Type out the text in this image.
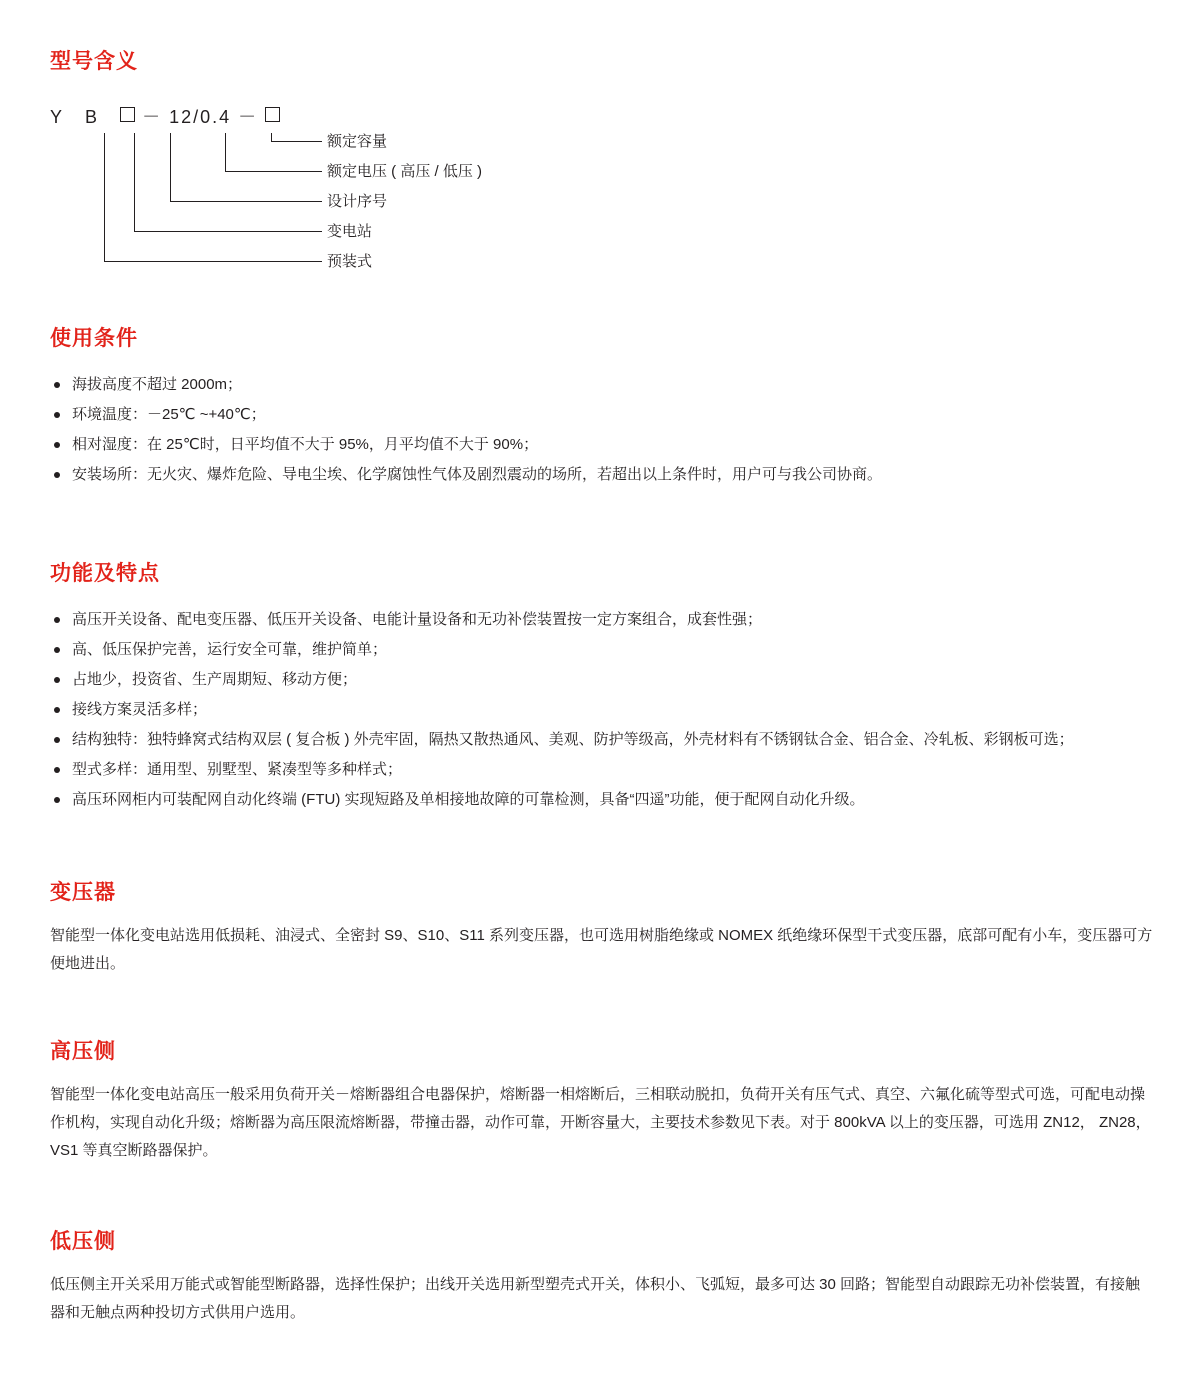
型号含义
Y B － 12/0.4 －
额定容量
额定电压 ( 高压 / 低压 )
设计序号
变电站
预装式
使用条件
海拔高度不超过 2000m；
环境温度：－25℃ ~+40℃；
相对湿度：在 25℃时，日平均值不大于 95%，月平均值不大于 90%；
安装场所：无火灾、爆炸危险、导电尘埃、化学腐蚀性气体及剧烈震动的场所，若超出以上条件时，用户可与我公司协商。
功能及特点
高压开关设备、配电变压器、低压开关设备、电能计量设备和无功补偿装置按一定方案组合，成套性强；
高、低压保护完善，运行安全可靠，维护简单；
占地少，投资省、生产周期短、移动方便；
接线方案灵活多样；
结构独特：独特蜂窝式结构双层 ( 复合板 ) 外壳牢固，隔热又散热通风、美观、防护等级高，外壳材料有不锈钢钛合金、铝合金、冷轧板、彩钢板可选；
型式多样：通用型、别墅型、紧凑型等多种样式；
高压环网柜内可装配网自动化终端 (FTU) 实现短路及单相接地故障的可靠检测，具备“四遥”功能，便于配网自动化升级。
变压器

智能型一体化变电站选用低损耗、油浸式、全密封 S9、S10、S11 系列变压器，也可选用树脂绝缘或 NOMEX 纸绝缘环保型干式变压器，底部可配有小车，变压器可方便地进出。

高压侧

智能型一体化变电站高压一般采用负荷开关－熔断器组合电器保护，熔断器一相熔断后，三相联动脱扣，负荷开关有压气式、真空、六氟化硫等型式可选，可配电动操作机构，实现自动化升级；熔断器为高压限流熔断器，带撞击器，动作可靠，开断容量大，主要技术参数见下表。对于 800kVA 以上的变压器，可选用 ZN12， ZN28，VS1 等真空断路器保护。

低压侧

低压侧主开关采用万能式或智能型断路器，选择性保护；出线开关选用新型塑壳式开关，体积小、飞弧短，最多可达 30 回路；智能型自动跟踪无功补偿装置，有接触器和无触点两种投切方式供用户选用。
